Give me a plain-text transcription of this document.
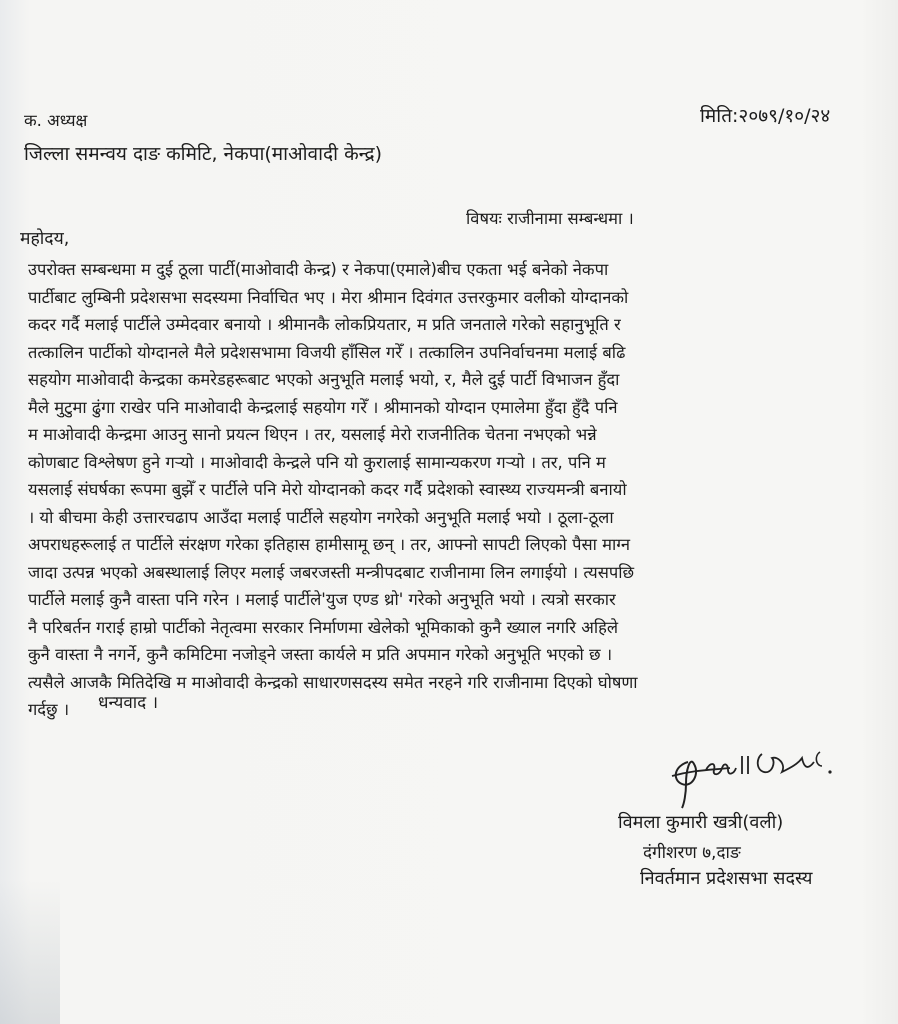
मिति:२०७९/१०/२४
क. अध्यक्ष
जिल्ला समन्वय दाङ कमिटि, नेकपा(माओवादी केन्द्र)
विषयः राजीनामा सम्बन्धमा ।
महोदय,
उपरोक्त सम्बन्धमा म दुई ठूला पार्टी(माओवादी केन्द्र) र नेकपा(एमाले)बीच एकता भई बनेको नेकपा
पार्टीबाट लुम्बिनी प्रदेशसभा सदस्यमा निर्वाचित भए । मेरा श्रीमान दिवंगत उत्तरकुमार वलीको योग्दानको
कदर गर्दै मलाई पार्टीले उम्मेदवार बनायो । श्रीमानकै लोकप्रियतार, म प्रति जनताले गरेको सहानुभूति र
तत्कालिन पार्टीको योग्दानले मैले प्रदेशसभामा विजयी हाँसिल गरेँ । तत्कालिन उपनिर्वाचनमा मलाई बढि
सहयोग माओवादी केन्द्रका कमरेडहरूबाट भएको अनुभूति मलाई भयो, र, मैले दुई पार्टी विभाजन हुँदा
मैले मुटुमा ढुंगा राखेर पनि माओवादी केन्द्रलाई सहयोग गरेँ । श्रीमानको योग्दान एमालेमा हुँदा हुँदै पनि
म माओवादी केन्द्रमा आउनु सानो प्रयत्न थिएन । तर, यसलाई मेरो राजनीतिक चेतना नभएको भन्ने
कोणबाट विश्लेषण हुने गऱ्यो । माओवादी केन्द्रले पनि यो कुरालाई सामान्यकरण गऱ्यो । तर, पनि म
यसलाई संघर्षका रूपमा बुझेँ र पार्टीले पनि मेरो योग्दानको कदर गर्दै प्रदेशको स्वास्थ्य राज्यमन्त्री बनायो
। यो बीचमा केही उत्तारचढाप आउँदा मलाई पार्टीले सहयोग नगरेको अनुभूति मलाई भयो । ठूला-ठूला
अपराधहरूलाई त पार्टीले संरक्षण गरेका इतिहास हामीसामू छन् । तर, आफ्नो सापटी लिएको पैसा माग्न
जादा उत्पन्न भएको अबस्थालाई लिएर मलाई जबरजस्ती मन्त्रीपदबाट राजीनामा लिन लगाईयो । त्यसपछि
पार्टीले मलाई कुनै वास्ता पनि गरेन । मलाई पार्टीले'युज एण्ड थ्रो' गरेको अनुभूति भयो । त्यत्रो सरकार
नै परिबर्तन गराई हाम्रो पार्टीको नेतृत्वमा सरकार निर्माणमा खेलेको भूमिकाको कुनै ख्याल नगरि अहिले
कुनै वास्ता नै नगर्ने, कुनै कमिटिमा नजोड्ने जस्ता कार्यले म प्रति अपमान गरेको अनुभूति भएको छ ।
त्यसैले आजकै मितिदेखि म माओवादी केन्द्रको साधारणसदस्य समेत नरहने गरि राजीनामा दिएको घोषणा
गर्दछु ।	धन्यवाद ।
विमला कुमारी खत्री(वली)
दंगीशरण ७,दाङ
निवर्तमान प्रदेशसभा सदस्य
